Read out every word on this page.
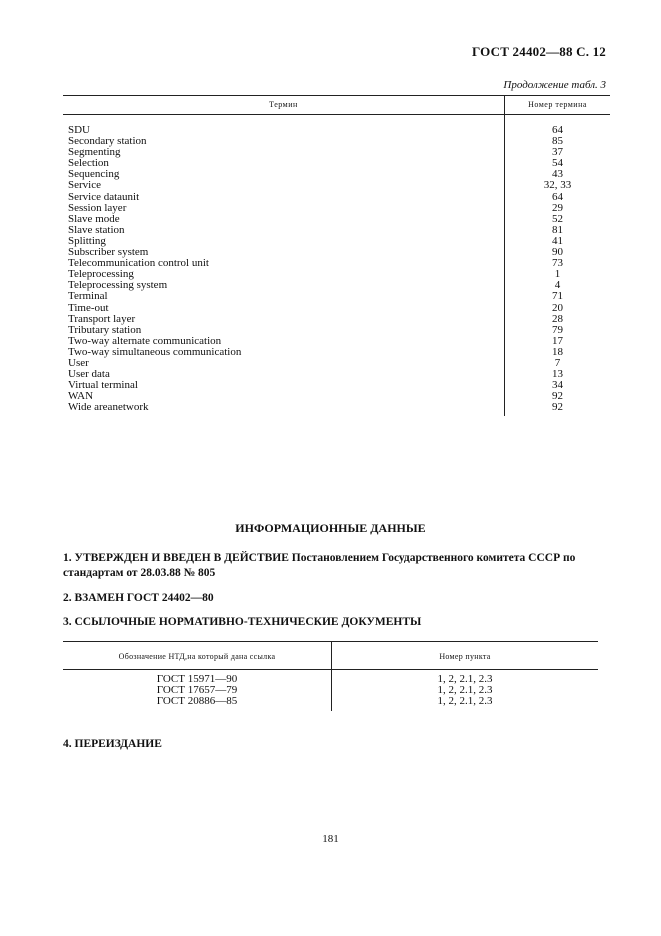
ГОСТ 24402—88 С. 12
Продолжение табл. 3
Термин	Номер термина
SDU	64
Secondary station	85
Segmenting	37
Selection	54
Sequencing	43
Service	32, 33
Service dataunit	64
Session layer	29
Slave mode	52
Slave station	81
Splitting	41
Subscriber system	90
Telecommunication control unit	73
Teleprocessing	1
Teleprocessing system	4
Terminal	71
Time-out	20
Transport layer	28
Tributary station	79
Two-way alternate communication	17
Two-way simultaneous communication	18
User	7
User data	13
Virtual terminal	34
WAN	92
Wide areanetwork	92
ИНФОРМАЦИОННЫЕ ДАННЫЕ
1. УТВЕРЖДЕН И ВВЕДЕН В ДЕЙСТВИЕ Постановлением Государственного комитета СССР по стандартам от 28.03.88 № 805
2. ВЗАМЕН ГОСТ 24402—80
3. ССЫЛОЧНЫЕ НОРМАТИВНО-ТЕХНИЧЕСКИЕ ДОКУМЕНТЫ
Обозначение НТД,на который дана ссылка	Номер пункта
ГОСТ 15971—90	1, 2, 2.1, 2.3
ГОСТ 17657—79	1, 2, 2.1, 2.3
ГОСТ 20886—85	1, 2, 2.1, 2.3
4. ПЕРЕИЗДАНИЕ
181
